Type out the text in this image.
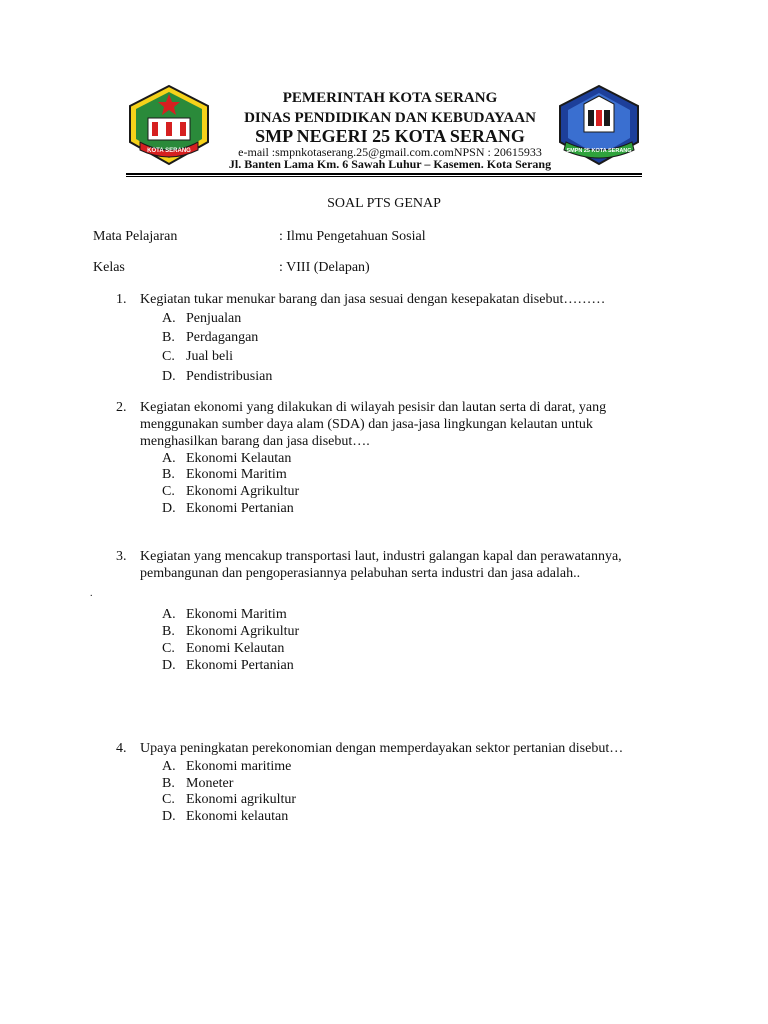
KOTA SERANG	SMPN 25 KOTA SERANG
PEMERINTAH KOTA SERANG
DINAS PENDIDIKAN DAN KEBUDAYAAN
SMP NEGERI 25 KOTA SERANG
e-mail :smpnkotaserang.25@gmail.com.comNPSN : 20615933
Jl. Banten Lama Km. 6 Sawah Luhur – Kasemen. Kota Serang
SOAL PTS GENAP
Mata Pelajaran	: Ilmu Pengetahuan Sosial
Kelas	: VIII (Delapan)
1. Kegiatan tukar menukar barang dan jasa sesuai dengan kesepakatan disebut………
A. Penjualan
B. Perdagangan
C. Jual beli
D. Pendistribusian
2. Kegiatan ekonomi yang dilakukan di wilayah pesisir dan lautan serta di darat, yang
menggunakan sumber daya alam (SDA) dan jasa-jasa lingkungan kelautan untuk
menghasilkan barang dan jasa disebut….
A. Ekonomi Kelautan
B. Ekonomi Maritim
C. Ekonomi Agrikultur
D. Ekonomi Pertanian
3. Kegiatan yang mencakup transportasi laut, industri galangan kapal dan perawatannya,
pembangunan dan pengoperasiannya pelabuhan serta industri dan jasa adalah..
.
A. Ekonomi Maritim
B. Ekonomi Agrikultur
C. Eonomi Kelautan
D. Ekonomi Pertanian
4. Upaya peningkatan perekonomian dengan memperdayakan sektor pertanian disebut…
A. Ekonomi maritime
B. Moneter
C. Ekonomi agrikultur
D. Ekonomi kelautan
